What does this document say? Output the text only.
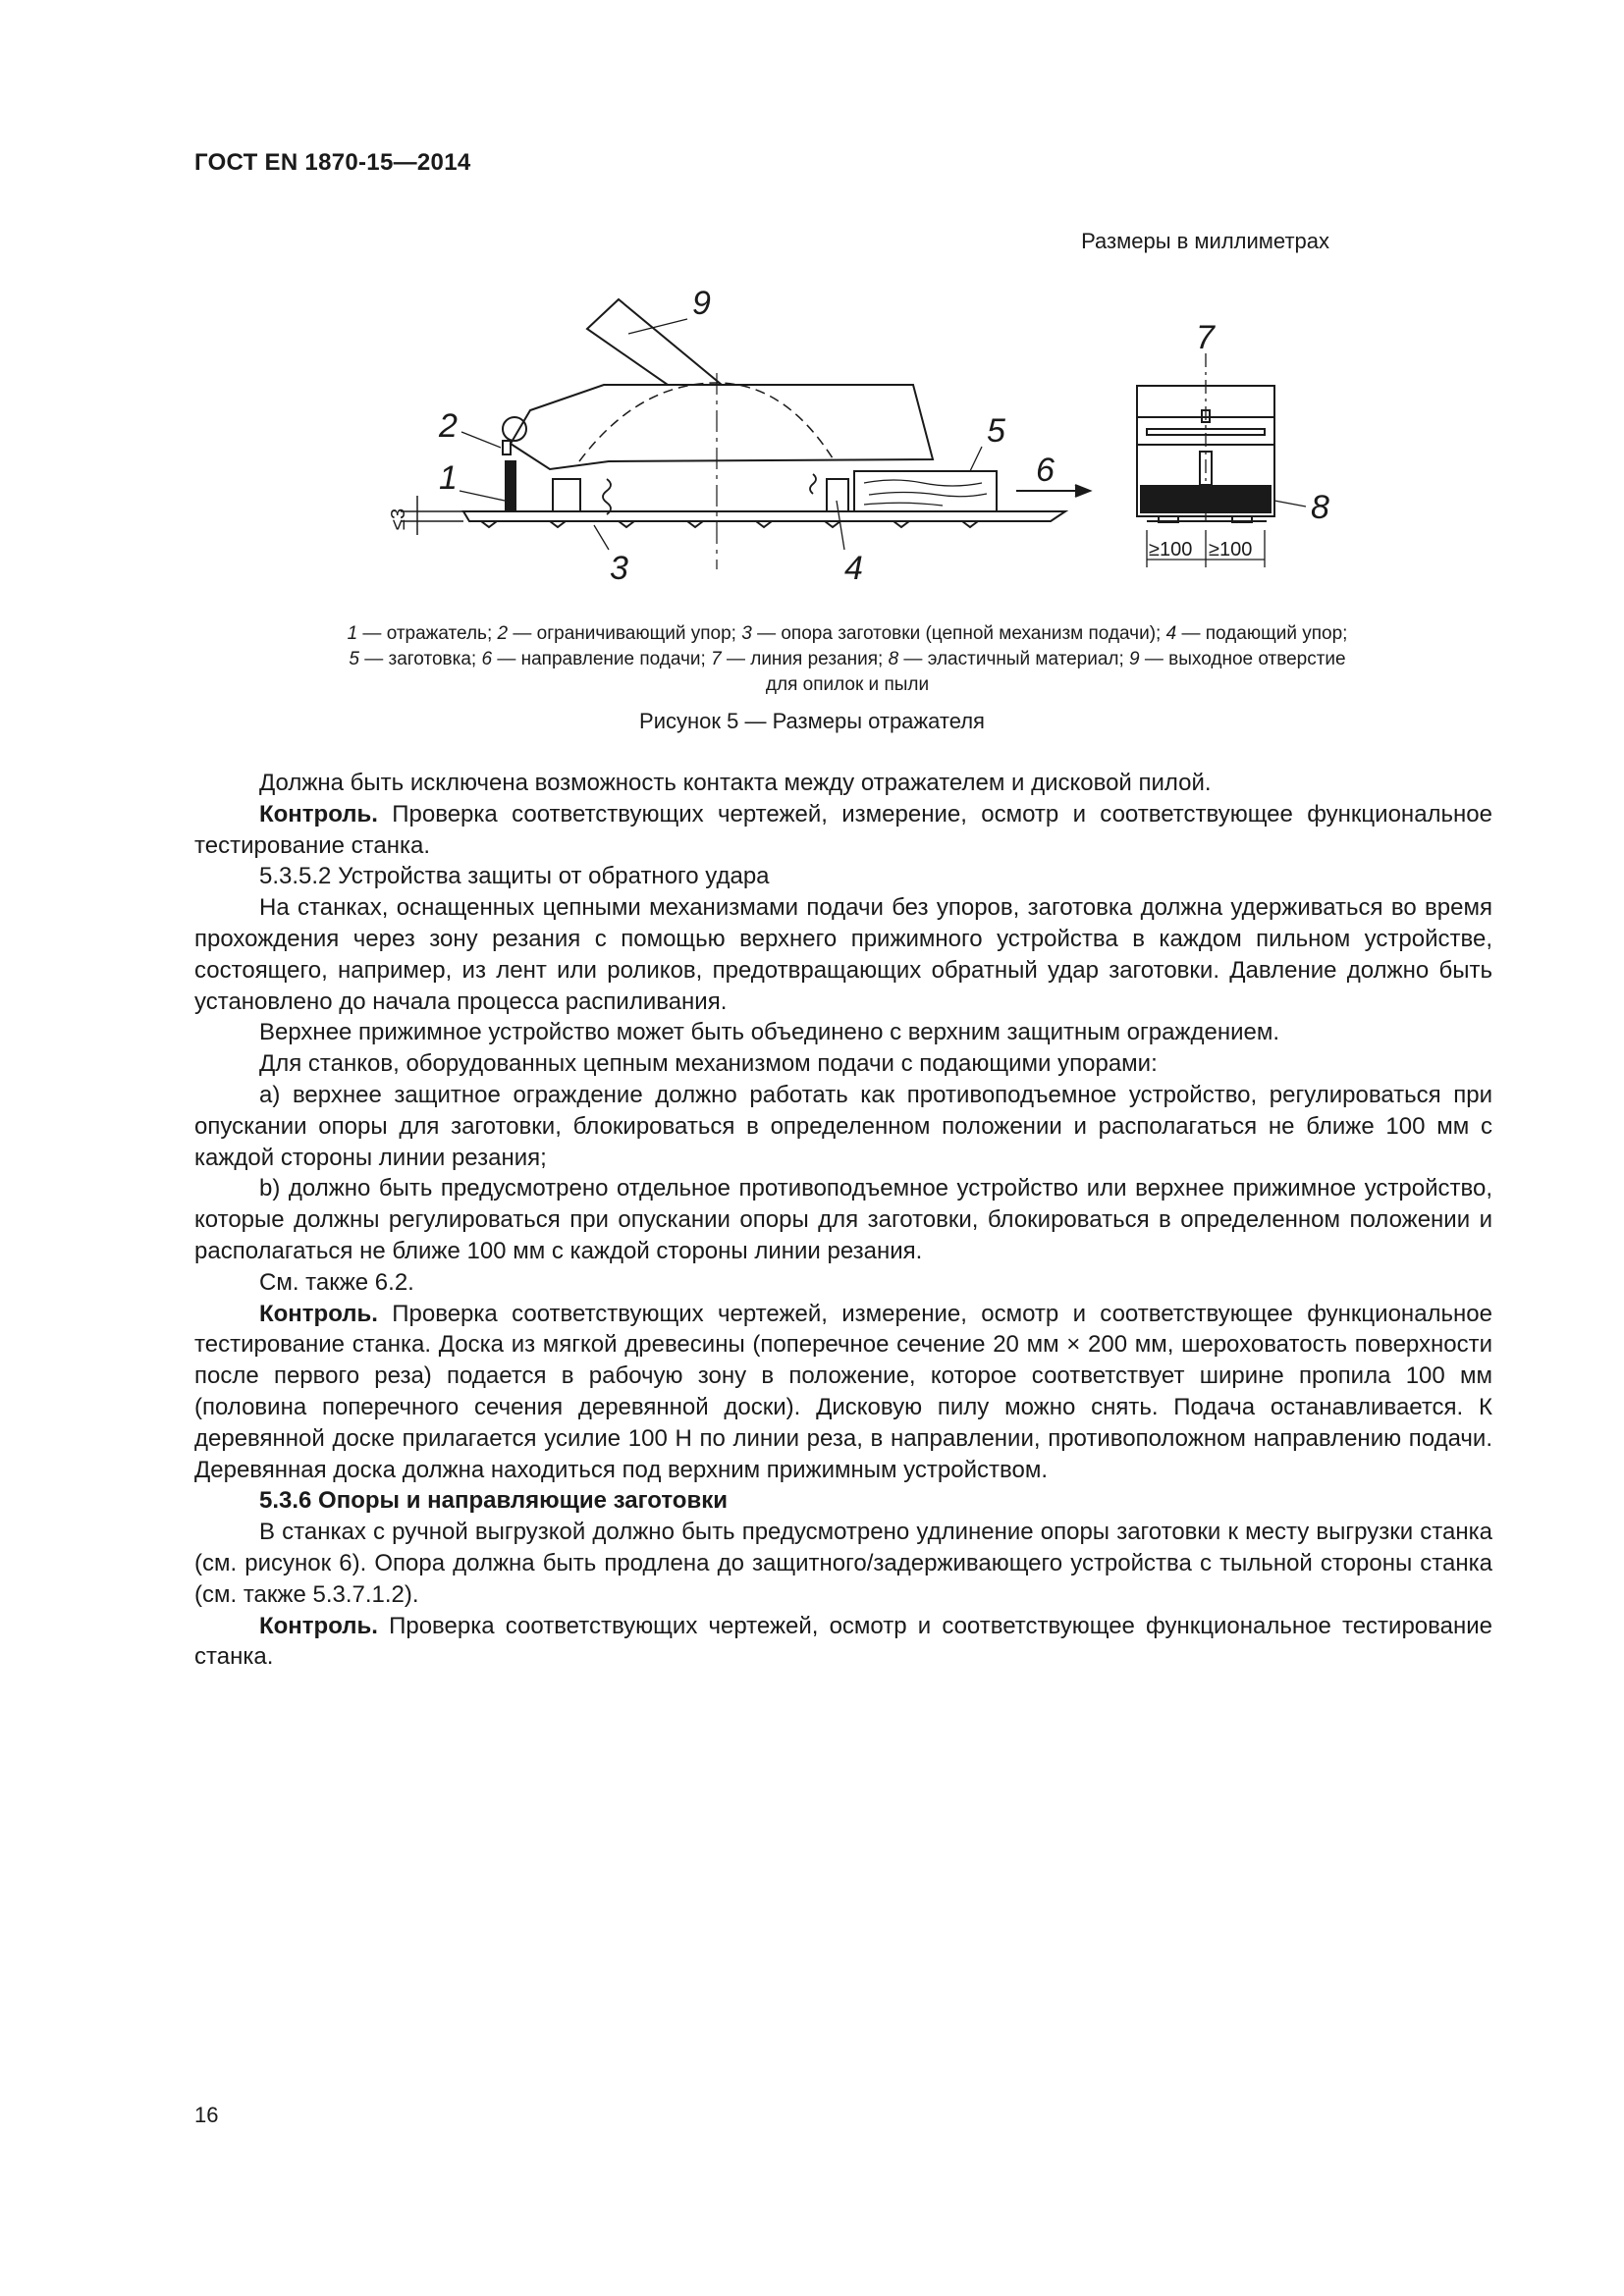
ГОСТ EN 1870-15—2014
Размеры в миллиметрах
2
1
3	4
5
6
7
8
9
≤3
≥100 ≥100
1 — отражатель; 2 — ограничивающий упор; 3 — опора заготовки (цепной механизм подачи); 4 — подающий упор;
5 — заготовка; 6 — направление подачи; 7 — линия резания; 8 — эластичный материал; 9 — выходное отверстие
для опилок и пыли
Рисунок 5 — Размеры отражателя

Должна быть исключена возможность контакта между отражателем и дисковой пилой.

Контроль. Проверка соответствующих чертежей, измерение, осмотр и соответствующее функциональное тестирование станка.

5.3.5.2 Устройства защиты от обратного удара

На станках, оснащенных цепными механизмами подачи без упоров, заготовка должна удерживаться во время прохождения через зону резания с помощью верхнего прижимного устройства в каждом пильном устройстве, состоящего, например, из лент или роликов, предотвращающих обратный удар заготовки. Давление должно быть установлено до начала процесса распиливания.

Верхнее прижимное устройство может быть объединено с верхним защитным ограждением.

Для станков, оборудованных цепным механизмом подачи с подающими упорами:

a) верхнее защитное ограждение должно работать как противоподъемное устройство, регулироваться при опускании опоры для заготовки, блокироваться в определенном положении и располагаться не ближе 100 мм с каждой стороны линии резания;

b) должно быть предусмотрено отдельное противоподъемное устройство или верхнее прижимное устройство, которые должны регулироваться при опускании опоры для заготовки, блокироваться в определенном положении и располагаться не ближе 100 мм с каждой стороны линии резания.

См. также 6.2.

Контроль. Проверка соответствующих чертежей, измерение, осмотр и соответствующее функциональное тестирование станка. Доска из мягкой древесины (поперечное сечение 20 мм × 200 мм, шероховатость поверхности после первого реза) подается в рабочую зону в положение, которое соответствует ширине пропила 100 мм (половина поперечного сечения деревянной доски). Дисковую пилу можно снять. Подача останавливается. К деревянной доске прилагается усилие 100 Н по линии реза, в направлении, противоположном направлению подачи. Деревянная доска должна находиться под верхним прижимным устройством.

5.3.6 Опоры и направляющие заготовки

В станках с ручной выгрузкой должно быть предусмотрено удлинение опоры заготовки к месту выгрузки станка (см. рисунок 6). Опора должна быть продлена до защитного/задерживающего устройства с тыльной стороны станка (см. также 5.3.7.1.2).

Контроль. Проверка соответствующих чертежей, осмотр и соответствующее функциональное тестирование станка.

16
